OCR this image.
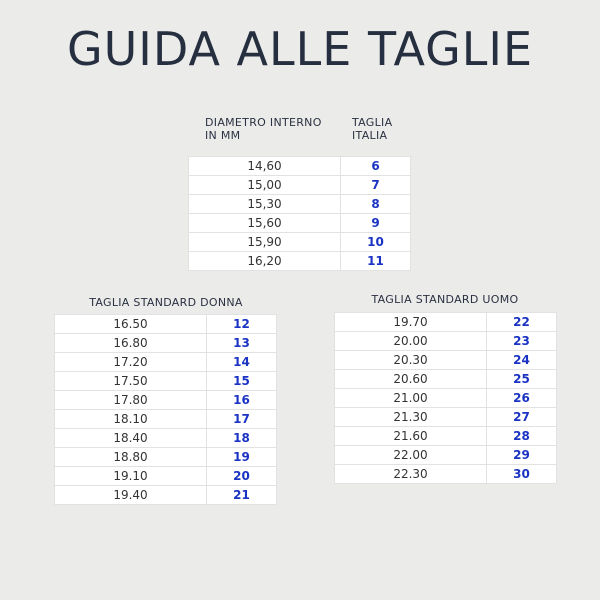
GUIDA ALLE TAGLIE
DIAMETRO INTERNO
IN MM
TAGLIA
ITALIA
14,60	6
15,00	7
15,30	8
15,60	9
15,90	10
16,20	11
TAGLIA STANDARD DONNA
16.50	12
16.80	13
17.20	14
17.50	15
17.80	16
18.10	17
18.40	18
18.80	19
19.10	20
19.40	21
TAGLIA STANDARD UOMO
19.70	22
20.00	23
20.30	24
20.60	25
21.00	26
21.30	27
21.60	28
22.00	29
22.30	30
